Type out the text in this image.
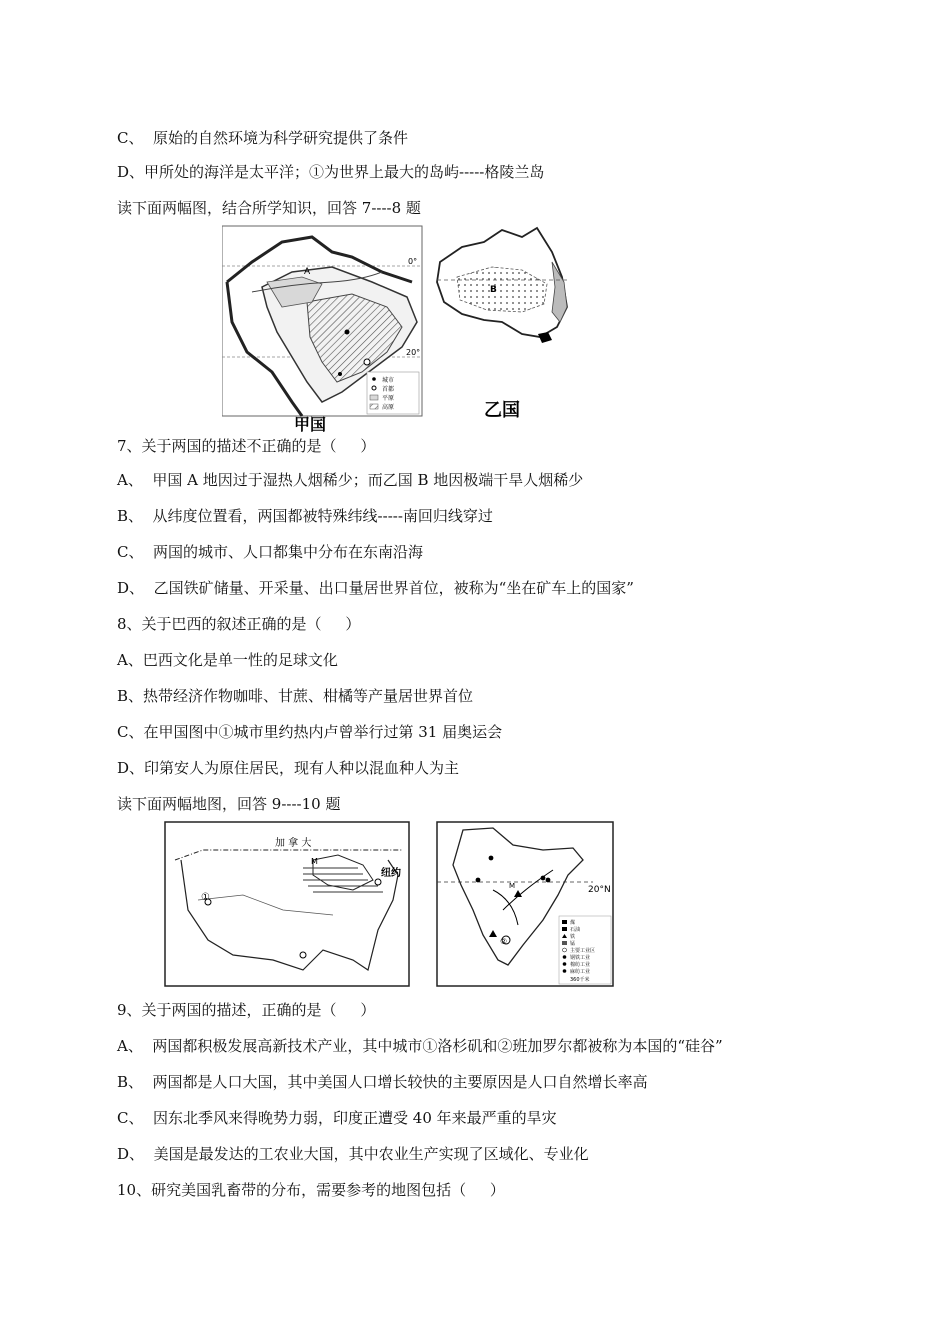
C、  原始的自然环境为科学研究提供了条件
D、甲所处的海洋是太平洋；①为世界上最大的岛屿-----格陵兰岛
读下面两幅图，结合所学知识，回答 7----8 题
A
0°
20°
城市
首都
平原
高原
甲国
B
乙国
7、关于两国的描述不正确的是（     ）
A、  甲国 A 地因过于湿热人烟稀少；而乙国 B 地因极端干旱人烟稀少
B、  从纬度位置看，两国都被特殊纬线-----南回归线穿过
C、  两国的城市、人口都集中分布在东南沿海
D、  乙国铁矿储量、开采量、出口量居世界首位，被称为“坐在矿车上的国家”
8、关于巴西的叙述正确的是（     ）
A、巴西文化是单一性的足球文化
B、热带经济作物咖啡、甘蔗、柑橘等产量居世界首位
C、在甲国图中①城市里约热内卢曾举行过第 31 届奥运会
D、印第安人为原住居民，现有人种以混血种人为主
读下面两幅地图，回答 9----10 题
加 拿 大
纽约
①
M
②
M	20°N
煤
石油
铁
锰
主要工业区
钢铁工业
棉纺工业
麻纺工业
360千米
9、关于两国的描述，正确的是（     ）
A、  两国都积极发展高新技术产业，其中城市①洛杉矶和②班加罗尔都被称为本国的“硅谷”
B、  两国都是人口大国，其中美国人口增长较快的主要原因是人口自然增长率高
C、  因东北季风来得晚势力弱，印度正遭受 40 年来最严重的旱灾
D、  美国是最发达的工农业大国，其中农业生产实现了区域化、专业化
10、研究美国乳畜带的分布，需要参考的地图包括（     ）
